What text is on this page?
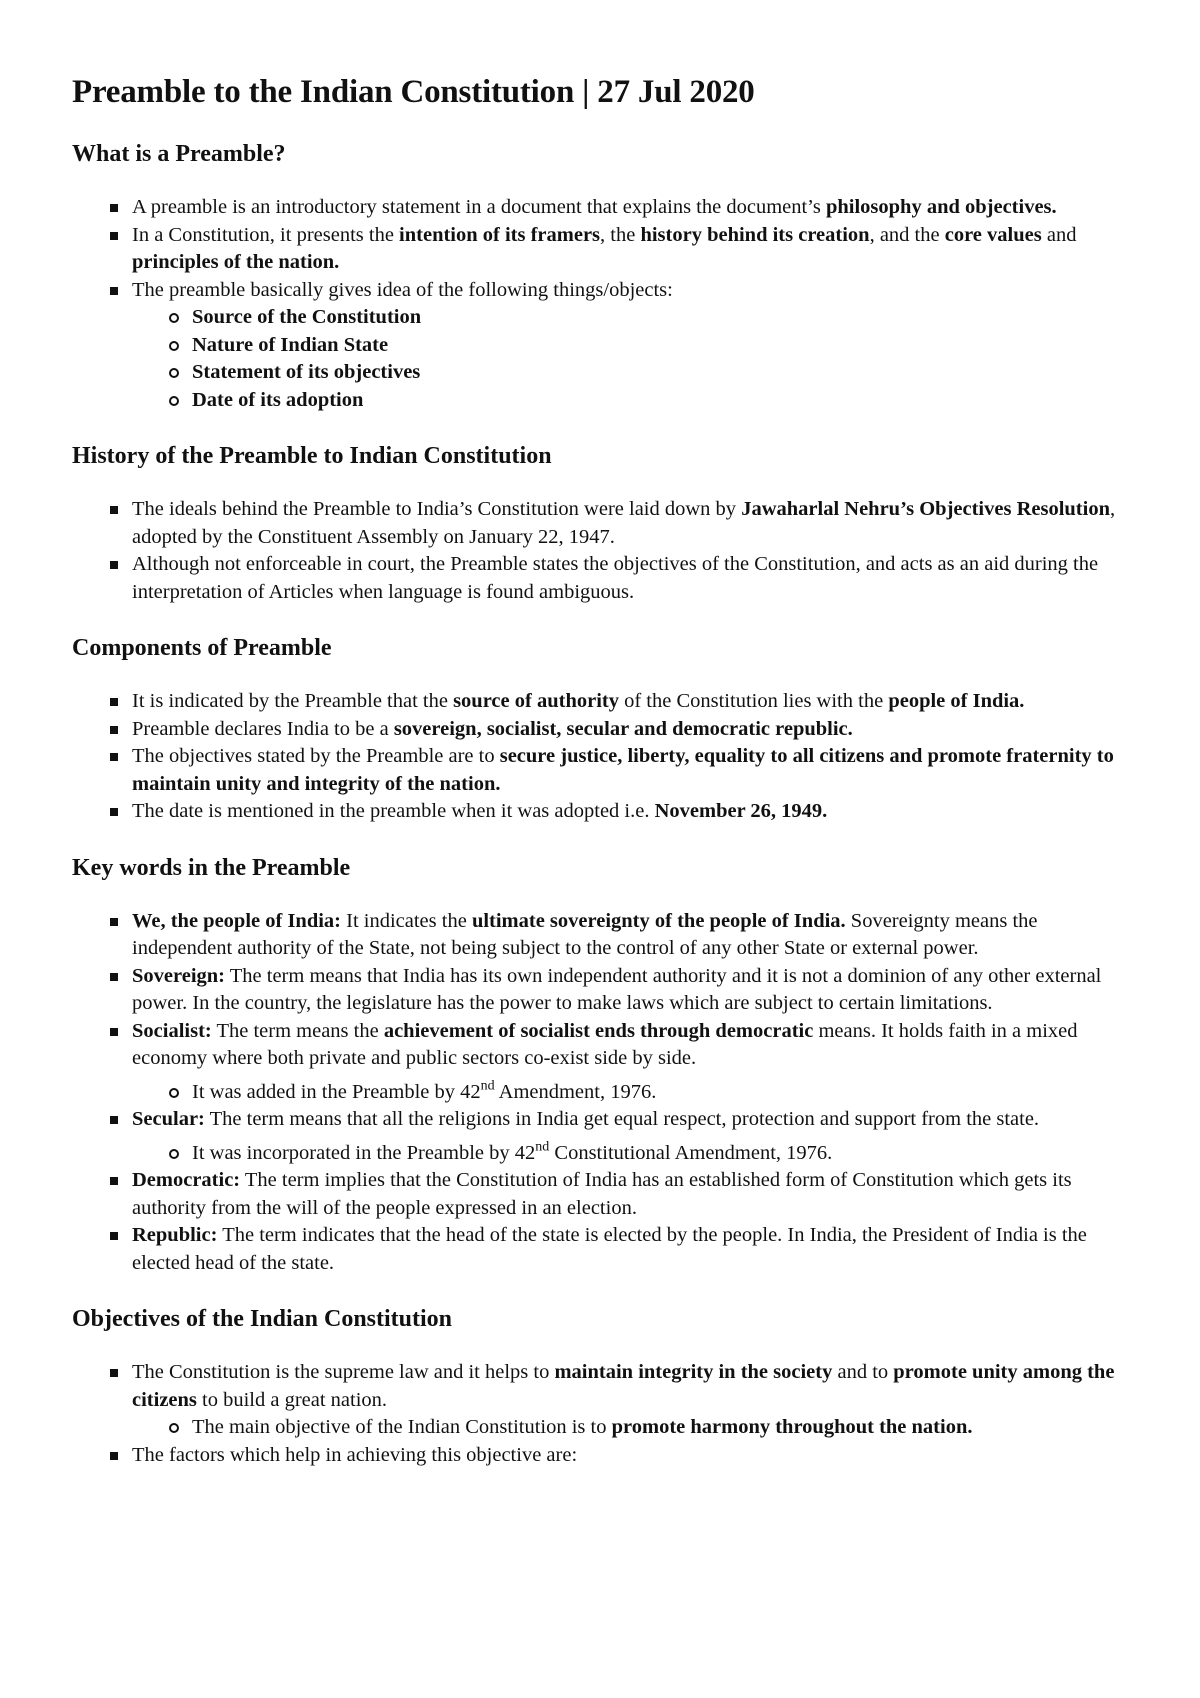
Preamble to the Indian Constitution | 27 Jul 2020
What is a Preamble?
A preamble is an introductory statement in a document that explains the document’s philosophy and objectives.
In a Constitution, it presents the intention of its framers, the history behind its creation, and the core values and principles of the nation.
The preamble basically gives idea of the following things/objects:
Source of the Constitution
Nature of Indian State
Statement of its objectives
Date of its adoption
History of the Preamble to Indian Constitution
The ideals behind the Preamble to India’s Constitution were laid down by Jawaharlal Nehru’s Objectives Resolution, adopted by the Constituent Assembly on January 22, 1947.
Although not enforceable in court, the Preamble states the objectives of the Constitution, and acts as an aid during the interpretation of Articles when language is found ambiguous.
Components of Preamble
It is indicated by the Preamble that the source of authority of the Constitution lies with the people of India.
Preamble declares India to be a sovereign, socialist, secular and democratic republic.
The objectives stated by the Preamble are to secure justice, liberty, equality to all citizens and promote fraternity to maintain unity and integrity of the nation.
The date is mentioned in the preamble when it was adopted i.e. November 26, 1949.
Key words in the Preamble
We, the people of India: It indicates the ultimate sovereignty of the people of India. Sovereignty means the independent authority of the State, not being subject to the control of any other State or external power.
Sovereign: The term means that India has its own independent authority and it is not a dominion of any other external power. In the country, the legislature has the power to make laws which are subject to certain limitations.
Socialist: The term means the achievement of socialist ends through democratic means. It holds faith in a mixed economy where both private and public sectors co-exist side by side.
It was added in the Preamble by 42nd Amendment, 1976.
Secular: The term means that all the religions in India get equal respect, protection and support from the state.
It was incorporated in the Preamble by 42nd Constitutional Amendment, 1976.
Democratic: The term implies that the Constitution of India has an established form of Constitution which gets its authority from the will of the people expressed in an election.
Republic: The term indicates that the head of the state is elected by the people. In India, the President of India is the elected head of the state.
Objectives of the Indian Constitution
The Constitution is the supreme law and it helps to maintain integrity in the society and to promote unity among the citizens to build a great nation.
The main objective of the Indian Constitution is to promote harmony throughout the nation.
The factors which help in achieving this objective are:
